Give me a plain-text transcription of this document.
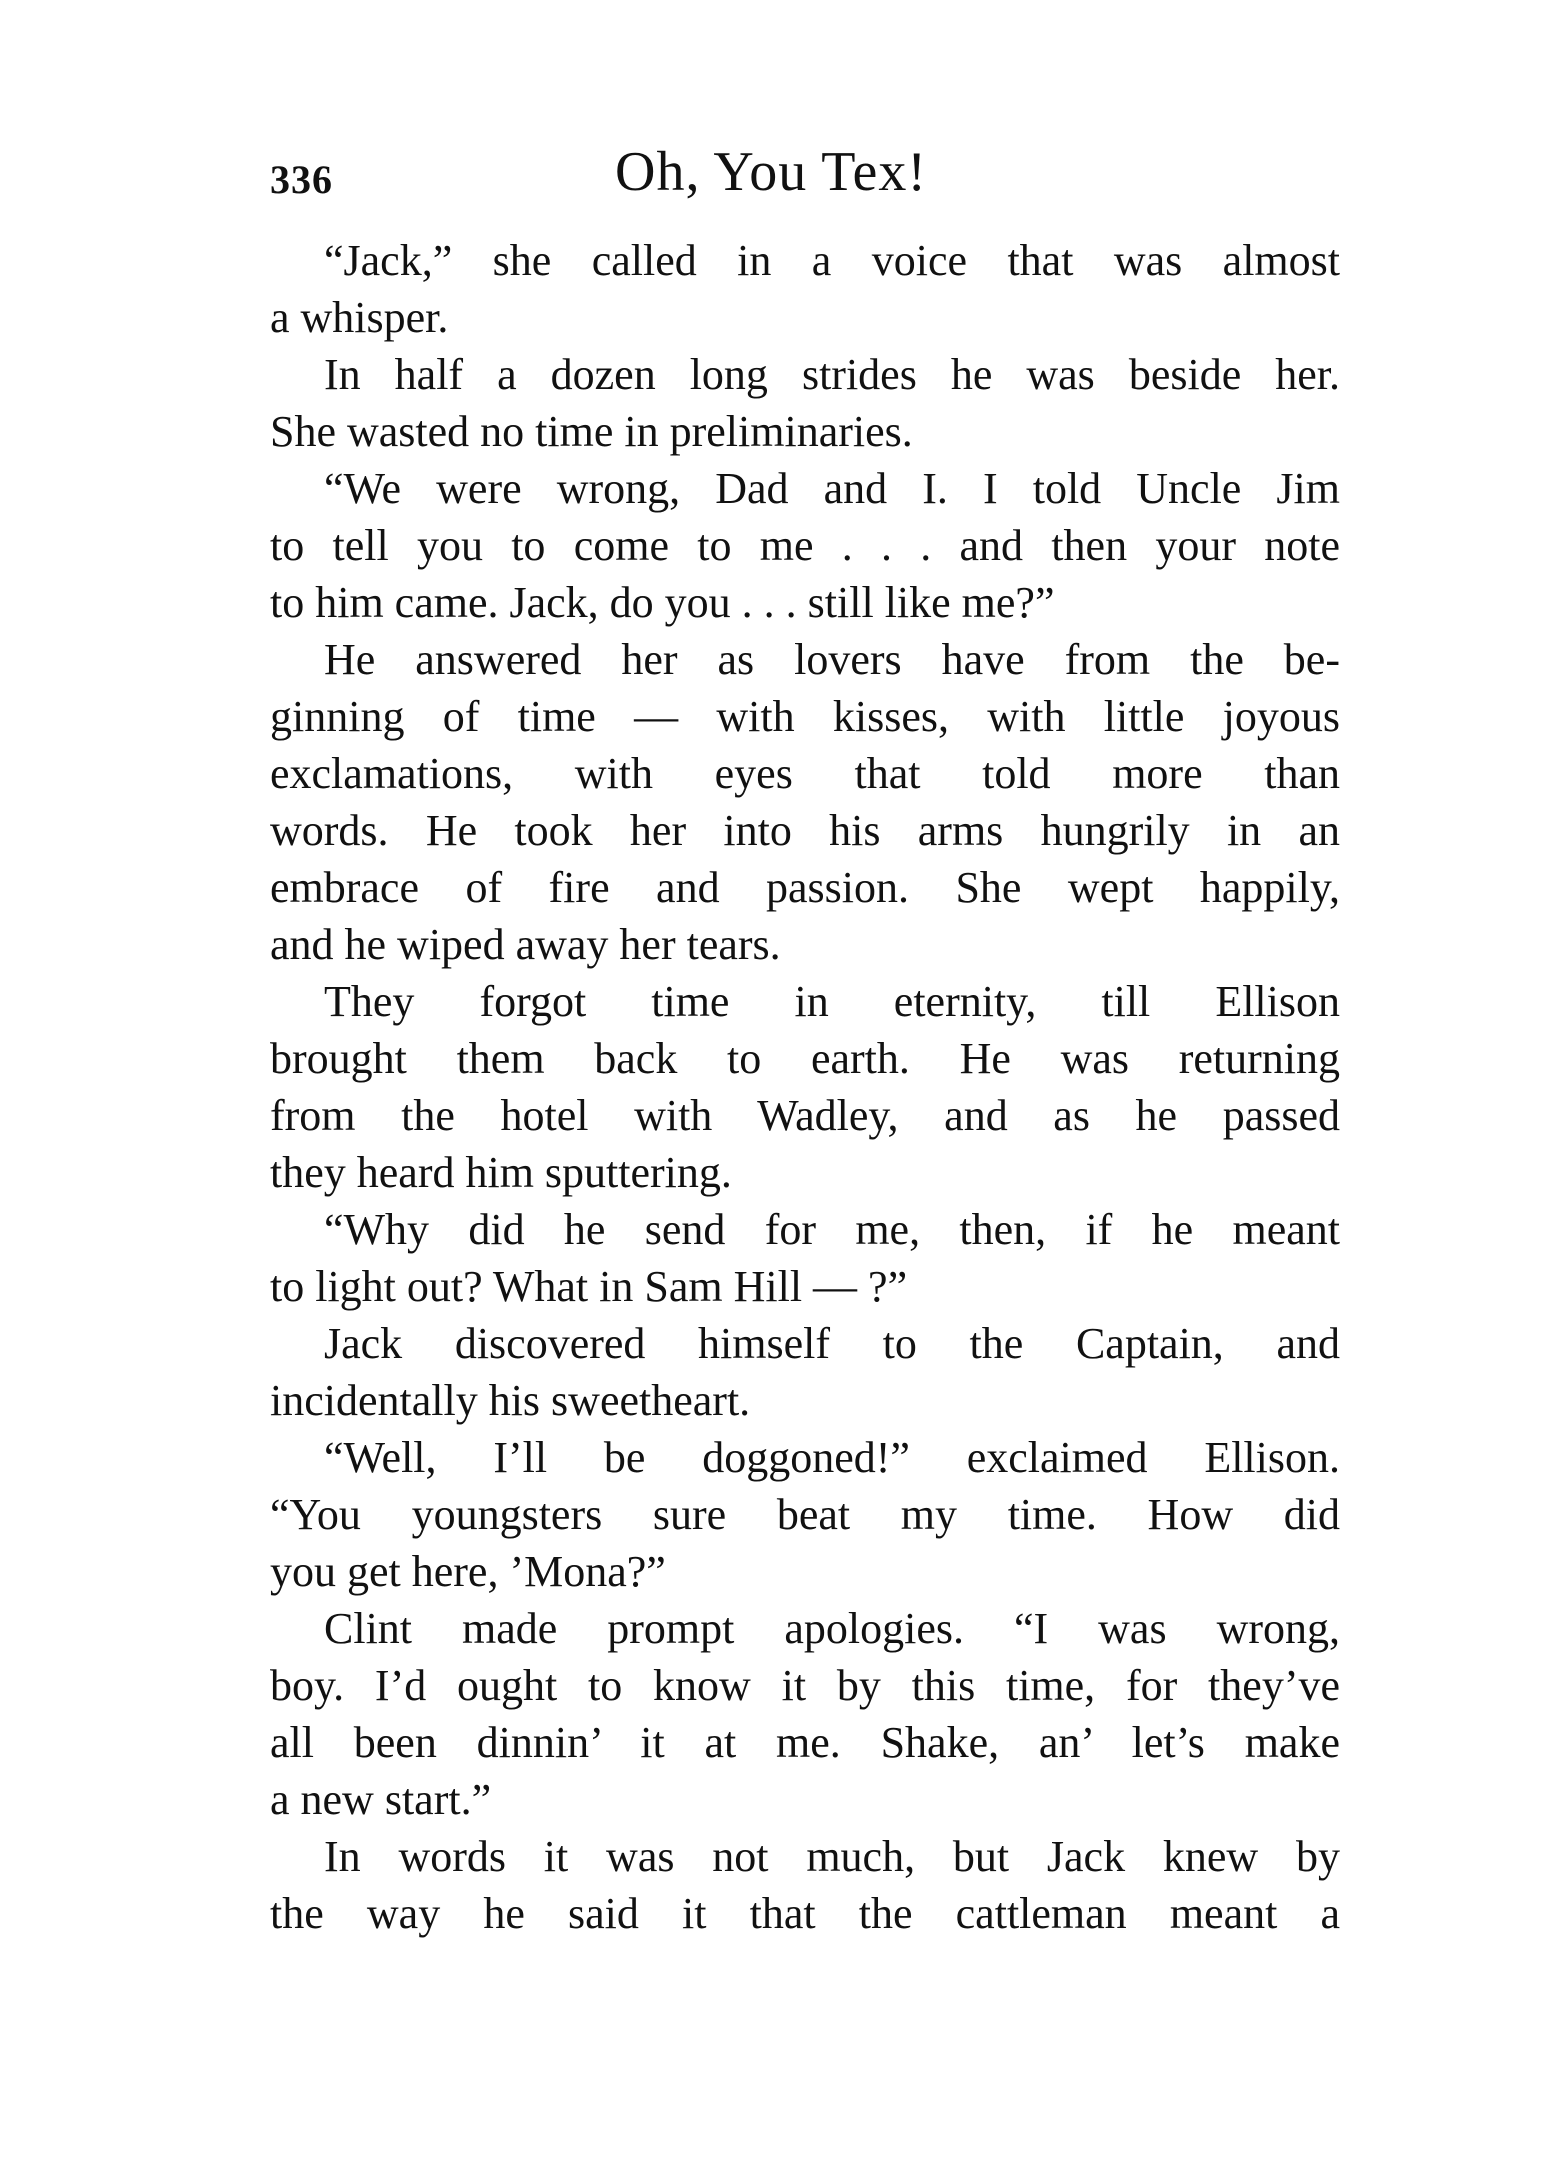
336	Oh, You Tex!
“Jack,” she called in a voice that was almost
a whisper.
In half a dozen long strides he was beside her.
She wasted no time in preliminaries.
“We were wrong, Dad and I. I told Uncle Jim
to tell you to come to me . . . and then your note
to him came. Jack, do you . . . still like me?”
He answered her as lovers have from the be-
ginning of time — with kisses, with little joyous
exclamations, with eyes that told more than
words. He took her into his arms hungrily in an
embrace of fire and passion. She wept happily,
and he wiped away her tears.
They forgot time in eternity, till Ellison
brought them back to earth. He was returning
from the hotel with Wadley, and as he passed
they heard him sputtering.
“Why did he send for me, then, if he meant
to light out? What in Sam Hill — ?”
Jack discovered himself to the Captain, and
incidentally his sweetheart.
“Well, I’ll be doggoned!” exclaimed Ellison.
“You youngsters sure beat my time. How did
you get here, ’Mona?”
Clint made prompt apologies. “I was wrong,
boy. I’d ought to know it by this time, for they’ve
all been dinnin’ it at me. Shake, an’ let’s make
a new start.”
In words it was not much, but Jack knew by
the way he said it that the cattleman meant a
